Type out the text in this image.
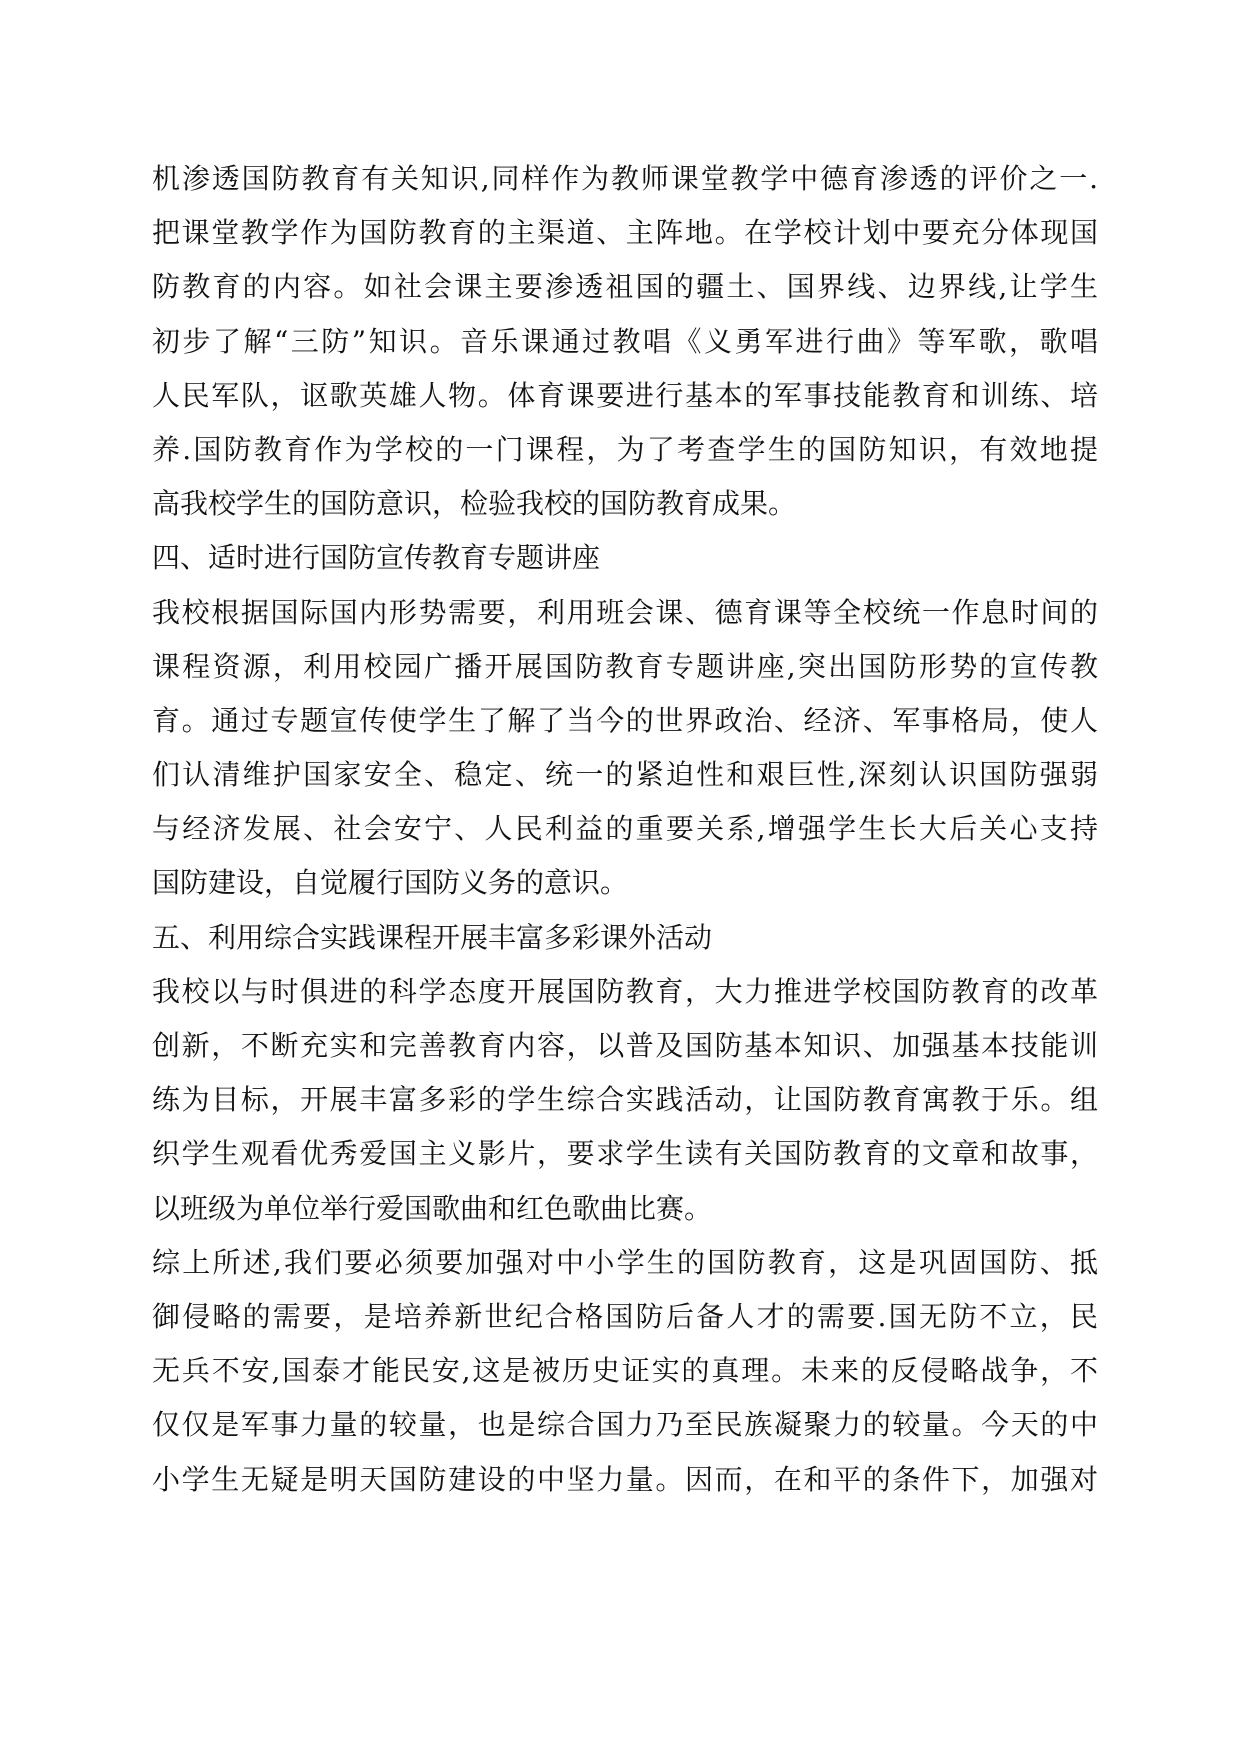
机渗透国防教育有关知识,同样作为教师课堂教学中德育渗透的评价之一.
把课堂教学作为国防教育的主渠道、主阵地。在学校计划中要充分体现国
防教育的内容。如社会课主要渗透祖国的疆土、国界线、边界线,让学生
初步了解“三防”知识。音乐课通过教唱《义勇军进行曲》等军歌，歌唱
人民军队，讴歌英雄人物。体育课要进行基本的军事技能教育和训练、培
养.国防教育作为学校的一门课程，为了考查学生的国防知识，有效地提
高我校学生的国防意识，检验我校的国防教育成果。
四、适时进行国防宣传教育专题讲座
我校根据国际国内形势需要，利用班会课、德育课等全校统一作息时间的
课程资源，利用校园广播开展国防教育专题讲座,突出国防形势的宣传教
育。通过专题宣传使学生了解了当今的世界政治、经济、军事格局，使人
们认清维护国家安全、稳定、统一的紧迫性和艰巨性,深刻认识国防强弱
与经济发展、社会安宁、人民利益的重要关系,增强学生长大后关心支持
国防建设，自觉履行国防义务的意识。
五、利用综合实践课程开展丰富多彩课外活动
我校以与时俱进的科学态度开展国防教育，大力推进学校国防教育的改革
创新，不断充实和完善教育内容，以普及国防基本知识、加强基本技能训
练为目标，开展丰富多彩的学生综合实践活动，让国防教育寓教于乐。组
织学生观看优秀爱国主义影片，要求学生读有关国防教育的文章和故事，
以班级为单位举行爱国歌曲和红色歌曲比赛。
综上所述,我们要必须要加强对中小学生的国防教育，这是巩固国防、抵
御侵略的需要，是培养新世纪合格国防后备人才的需要.国无防不立，民
无兵不安,国泰才能民安,这是被历史证实的真理。未来的反侵略战争，不
仅仅是军事力量的较量，也是综合国力乃至民族凝聚力的较量。今天的中
小学生无疑是明天国防建设的中坚力量。因而，在和平的条件下，加强对
